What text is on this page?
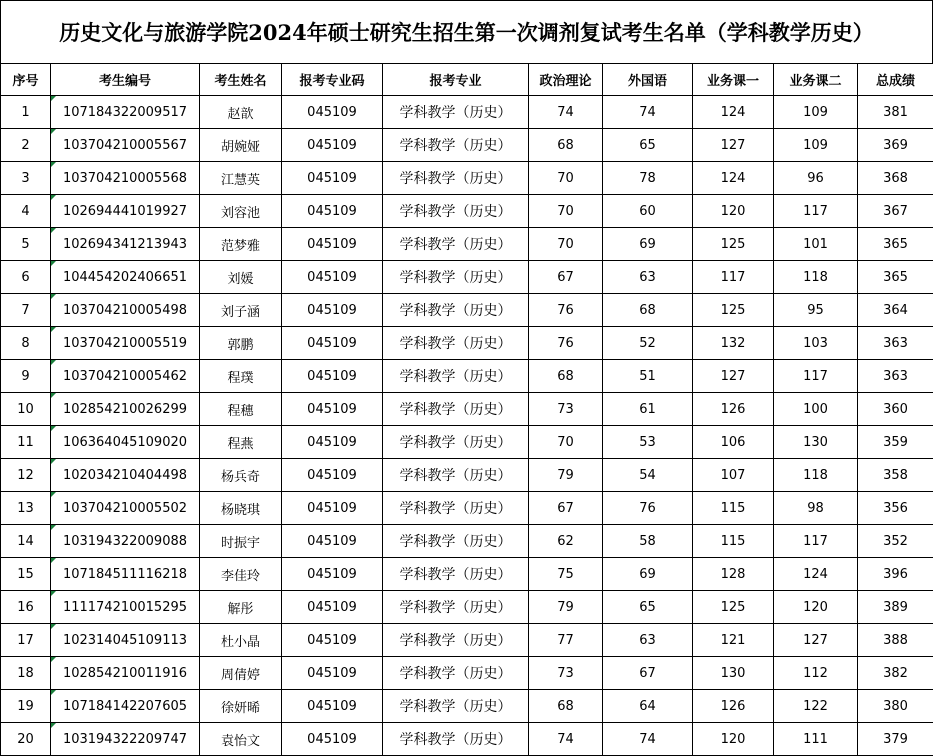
历史文化与旅游学院2024年硕士研究生招生第一次调剂复试考生名单（学科教学历史）
序号	考生编号	考生姓名	报考专业码	报考专业	政治理论	外国语	业务课一	业务课二	总成绩
1	107184322009517	赵歆	045109	学科教学（历史）	74	74	124	109	381
2	103704210005567	胡婉娅	045109	学科教学（历史）	68	65	127	109	369
3	103704210005568	江慧英	045109	学科教学（历史）	70	78	124	96	368
4	102694441019927	刘容池	045109	学科教学（历史）	70	60	120	117	367
5	102694341213943	范梦雅	045109	学科教学（历史）	70	69	125	101	365
6	104454202406651	刘媛	045109	学科教学（历史）	67	63	117	118	365
7	103704210005498	刘子涵	045109	学科教学（历史）	76	68	125	95	364
8	103704210005519	郭鹏	045109	学科教学（历史）	76	52	132	103	363
9	103704210005462	程璞	045109	学科教学（历史）	68	51	127	117	363
10	102854210026299	程穗	045109	学科教学（历史）	73	61	126	100	360
11	106364045109020	程燕	045109	学科教学（历史）	70	53	106	130	359
12	102034210404498	杨兵奇	045109	学科教学（历史）	79	54	107	118	358
13	103704210005502	杨晓琪	045109	学科教学（历史）	67	76	115	98	356
14	103194322009088	时振宇	045109	学科教学（历史）	62	58	115	117	352
15	107184511116218	李佳玲	045109	学科教学（历史）	75	69	128	124	396
16	111174210015295	解彤	045109	学科教学（历史）	79	65	125	120	389
17	102314045109113	杜小晶	045109	学科教学（历史）	77	63	121	127	388
18	102854210011916	周倩婷	045109	学科教学（历史）	73	67	130	112	382
19	107184142207605	徐妍晞	045109	学科教学（历史）	68	64	126	122	380
20	103194322209747	袁怡文	045109	学科教学（历史）	74	74	120	111	379
